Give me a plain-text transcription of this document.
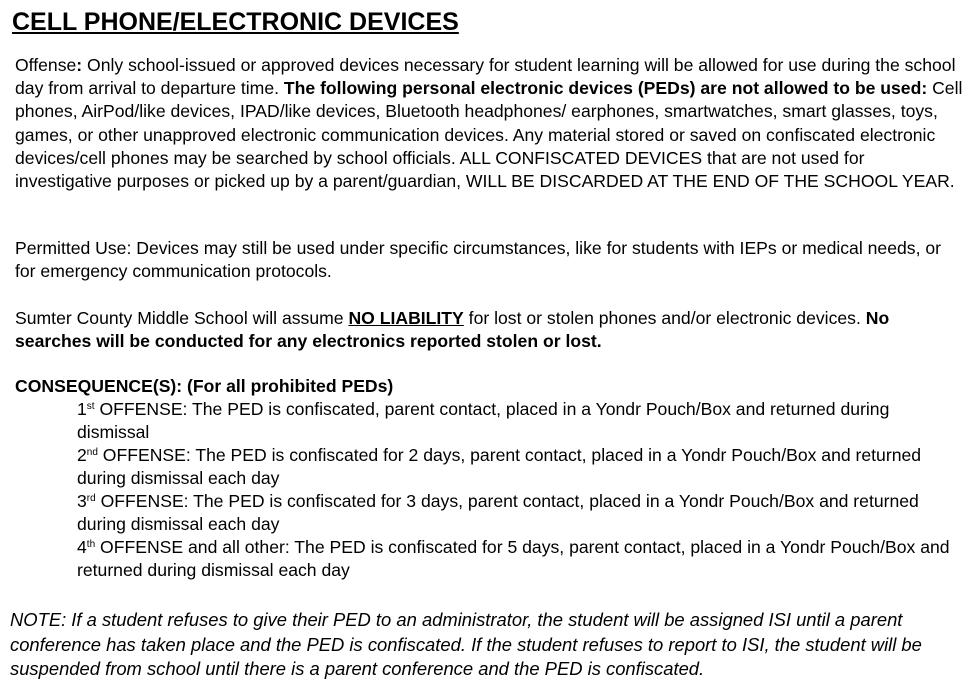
CELL PHONE/ELECTRONIC DEVICES

Offense: Only school-issued or approved devices necessary for student learning will be allowed for use during the school day from arrival to departure time. The following personal electronic devices (PEDs) are not allowed to be used: Cell phones, AirPod/like devices, IPAD/like devices, Bluetooth headphones/ earphones, smartwatches, smart glasses, toys, games, or other unapproved electronic communication devices. Any material stored or saved on confiscated electronic devices/cell phones may be searched by school officials. ALL CONFISCATED DEVICES that are not used for investigative purposes or picked up by a parent/guardian, WILL BE DISCARDED AT THE END OF THE SCHOOL YEAR.

Permitted Use: Devices may still be used under specific circumstances, like for students with IEPs or medical needs, or for emergency communication protocols.

Sumter County Middle School will assume NO LIABILITY for lost or stolen phones and/or electronic devices. No searches will be conducted for any electronics reported stolen or lost.

CONSEQUENCE(S): (For all prohibited PEDs)

1st OFFENSE: The PED is confiscated, parent contact, placed in a Yondr Pouch/Box and returned during dismissal

2nd OFFENSE: The PED is confiscated for 2 days, parent contact, placed in a Yondr Pouch/Box and returned during dismissal each day

3rd OFFENSE: The PED is confiscated for 3 days, parent contact, placed in a Yondr Pouch/Box and returned during dismissal each day

4th OFFENSE and all other: The PED is confiscated for 5 days, parent contact, placed in a Yondr Pouch/Box and returned during dismissal each day

NOTE: If a student refuses to give their PED to an administrator, the student will be assigned ISI until a parent conference has taken place and the PED is confiscated. If the student refuses to report to ISI, the student will be suspended from school until there is a parent conference and the PED is confiscated.
